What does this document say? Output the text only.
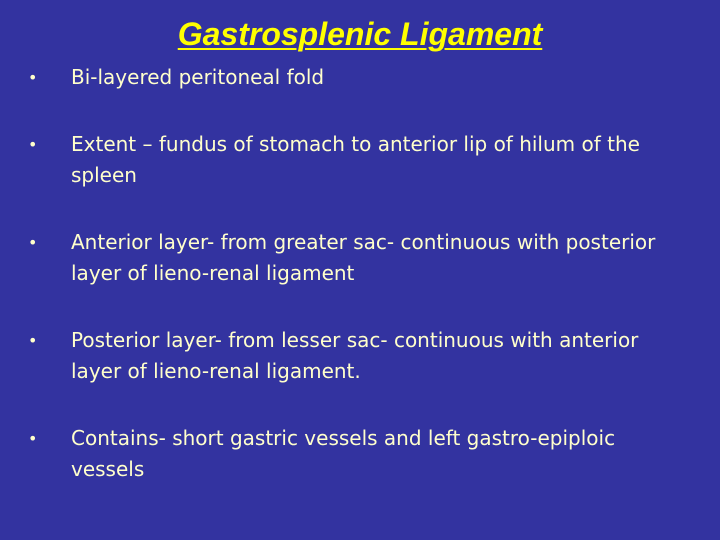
Gastrosplenic Ligament
• Bi-layered peritoneal fold
• Extent – fundus of stomach to anterior lip of hilum of the spleen
• Anterior layer- from greater sac- continuous with posterior layer of lieno-renal ligament
• Posterior layer- from lesser sac- continuous with anterior layer of lieno-renal ligament.
• Contains- short gastric vessels and left gastro-epiploic vessels
